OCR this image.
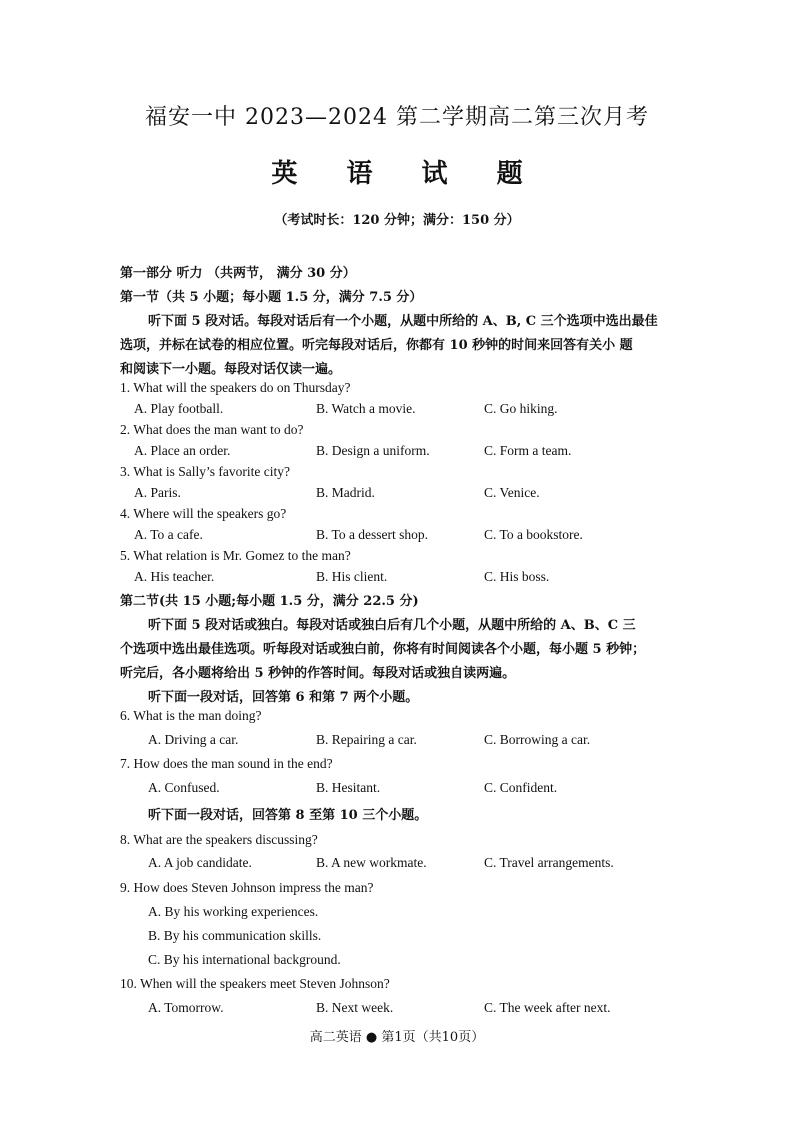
福安一中 2023—2024 第二学期高二第三次月考
英 语 试 题
（考试时长：120 分钟；满分：150 分）
第一部分 听力 （共两节， 满分 30 分）
第一节（共 5 小题；每小题 1.5 分，满分 7.5 分）
听下面 5 段对话。每段对话后有一个小题，从题中所给的 A、B, C 三个选项中选出最佳
选项，并标在试卷的相应位置。听完每段对话后，你都有 10 秒钟的时间来回答有关小 题
和阅读下一小题。每段对话仅读一遍。
1. What will the speakers do on Thursday?
A. Play football.	B. Watch a movie.	C. Go hiking.
2. What does the man want to do?
A. Place an order.	B. Design a uniform.	C. Form a team.
3. What is Sally’s favorite city?
A. Paris.	B. Madrid.	C. Venice.
4. Where will the speakers go?
A. To a cafe.	B. To a dessert shop.	C. To a bookstore.
5. What relation is Mr. Gomez to the man?
A. His teacher.	B. His client.	C. His boss.
第二节(共 15 小题;每小题 1.5 分，满分 22.5 分)
听下面 5 段对话或独白。每段对话或独白后有几个小题，从题中所给的 A、B、C 三
个选项中选出最佳选项。听每段对话或独白前，你将有时间阅读各个小题，每小题 5 秒钟；
听完后，各小题将给出 5 秒钟的作答时间。每段对话或独自读两遍。
听下面一段对话，回答第 6 和第 7 两个小题。
6. What is the man doing?
A. Driving a car.	B. Repairing a car.	C. Borrowing a car.
7. How does the man sound in the end?
A. Confused.	B. Hesitant.	C. Confident.
听下面一段对话，回答第 8 至第 10 三个小题。
8. What are the speakers discussing?
A. A job candidate.	B. A new workmate.	C. Travel arrangements.
9. How does Steven Johnson impress the man?
A. By his working experiences.
B. By his communication skills.
C. By his international background.
10. When will the speakers meet Steven Johnson?
A. Tomorrow.	B. Next week.	C. The week after next.
高二英语 ● 第1页（共10页）
